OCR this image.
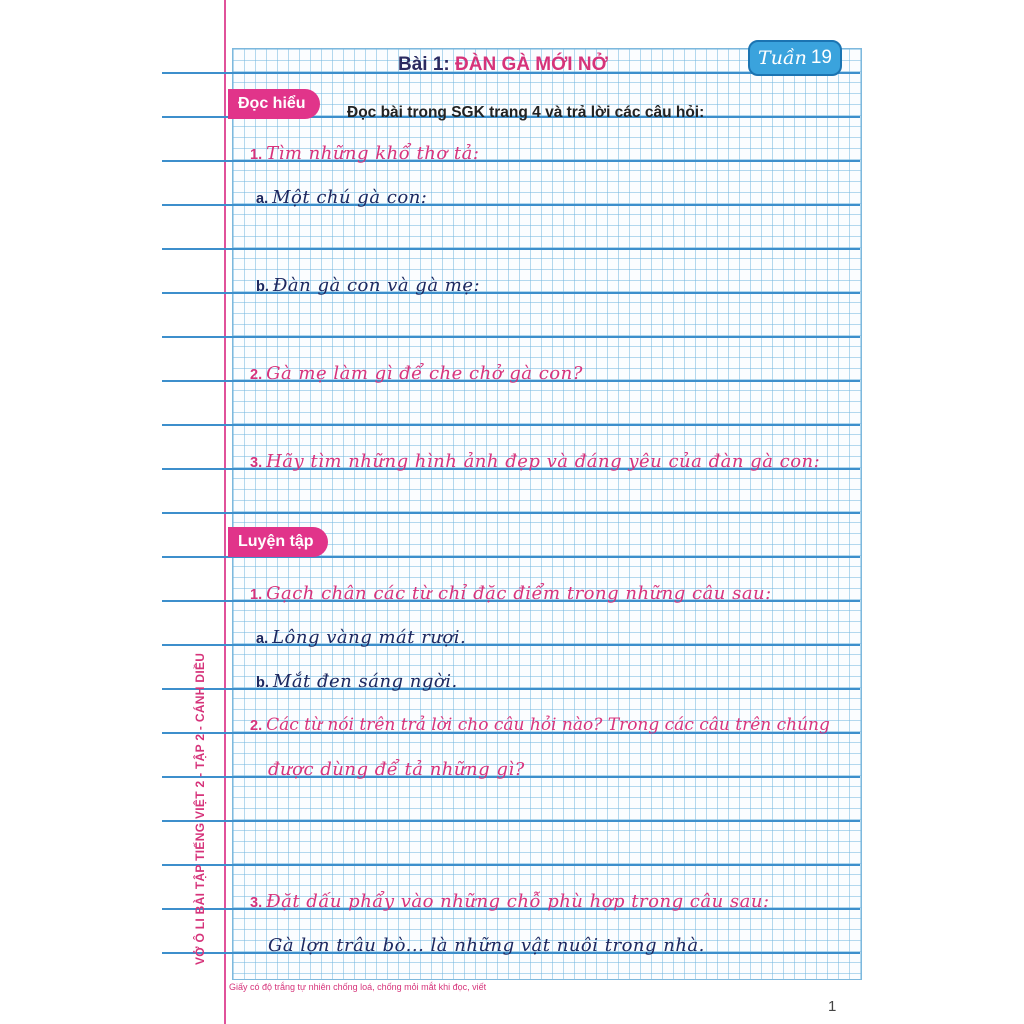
VỞ Ô LI BÀI TẬP TIẾNG VIỆT 2 - TẬP 2 - CÁNH DIỀU
Bài 1: ĐÀN GÀ MỚI NỞ	Tuần 19
Đọc hiểu
Đọc bài trong SGK trang 4 và trả lời các câu hỏi:
1. Tìm những khổ thơ tả:
a. Một chú gà con:
b. Đàn gà con và gà mẹ:
2. Gà mẹ làm gì để che chở gà con?
3. Hãy tìm những hình ảnh đẹp và đáng yêu của đàn gà con:
Luyện tập
1. Gạch chân các từ chỉ đặc điểm trong những câu sau:
a. Lông vàng mát rượi.
b. Mắt đen sáng ngời.
2. Các từ nói trên trả lời cho câu hỏi nào? Trong các câu trên chúng
được dùng để tả những gì?
3. Đặt dấu phẩy vào những chỗ phù hợp trong câu sau:
Gà lợn trâu bò... là những vật nuôi trong nhà.
Giấy có độ trắng tự nhiên chống loá, chống mỏi mắt khi đọc, viết
1
